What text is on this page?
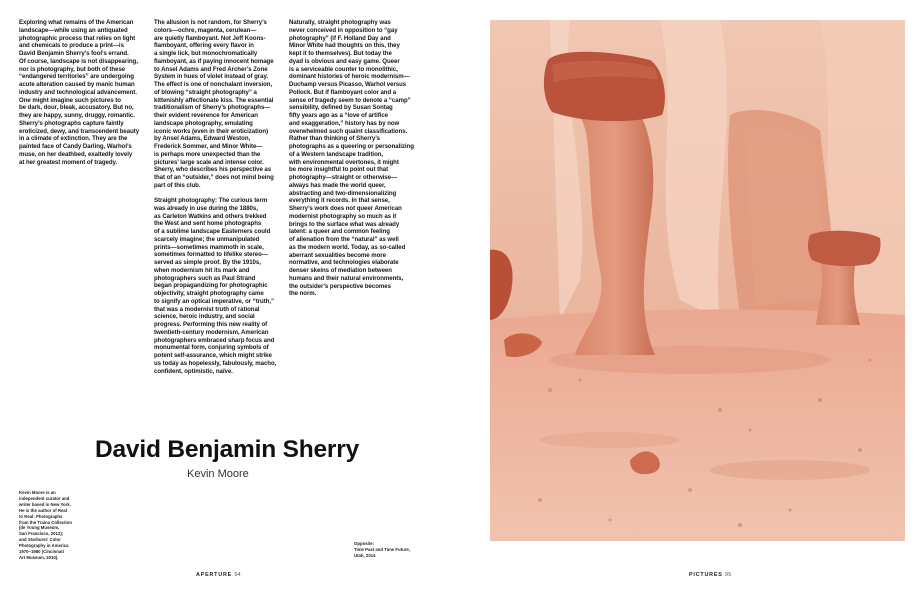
Exploring what remains of the American

landscape—while using an antiquated

photographic process that relies on light

and chemicals to produce a print—is

David Benjamin Sherry’s fool’s errand.

Of course, landscape is not disappearing,

nor is photography, but both of these

“endangered territories” are undergoing

acute alteration caused by manic human

industry and technological advancement.

One might imagine such pictures to

be dark, dour, bleak, accusatory. But no,

they are happy, sunny, druggy, romantic.

Sherry’s photographs capture faintly

eroticized, dewy, and transcendent beauty

in a climate of extinction. They are the

painted face of Candy Darling, Warhol’s

muse, on her deathbed, exaltedly lovely

at her greatest moment of tragedy.

The allusion is not random, for Sherry’s

colors—ochre, magenta, cerulean—

are quietly flamboyant. Not Jeff Koons-

flamboyant, offering every flavor in

a single lick, but monochromatically

flamboyant, as if paying innocent homage

to Ansel Adams and Fred Archer’s Zone

System in hues of violet instead of gray.

The effect is one of nonchalant inversion,

of blowing “straight photography” a

kittenishly affectionate kiss. The essential

traditionalism of Sherry’s photographs—

their evident reverence for American

landscape photography, emulating

iconic works (even in their eroticization)

by Ansel Adams, Edward Weston,

Frederick Sommer, and Minor White—

is perhaps more unexpected than the

pictures’ large scale and intense color.

Sherry, who describes his perspective as

that of an “outsider,” does not mind being

part of this club.

Straight photography: The curious term

was already in use during the 1880s,

as Carleton Watkins and others trekked

the West and sent home photographs

of a sublime landscape Easterners could

scarcely imagine; the unmanipulated

prints—sometimes mammoth in scale,

sometimes formatted to lifelike stereo—

served as simple proof. By the 1910s,

when modernism hit its mark and

photographers such as Paul Strand

began propagandizing for photographic

objectivity, straight photography came

to signify an optical imperative, or “truth,”

that was a modernist truth of rational

science, heroic industry, and social

progress. Performing this new reality of

twentieth-century modernism, American

photographers embraced sharp focus and

monumental form, conjuring symbols of

potent self-assurance, which might strike

us today as hopelessly, fabulously, macho,

confident, optimistic, naïve.

Naturally, straight photography was

never conceived in opposition to “gay

photography” (if F. Holland Day and

Minor White had thoughts on this, they

kept it to themselves). But today the

dyad is obvious and easy game. Queer

is a serviceable counter to monolithic,

dominant histories of heroic modernism—

Duchamp versus Picasso, Warhol versus

Pollock. But if flamboyant color and a

sense of tragedy seem to denote a “camp”

sensibility, defined by Susan Sontag

fifty years ago as a “love of artifice

and exaggeration,” history has by now

overwhelmed such quaint classifications.

Rather than thinking of Sherry’s

photographs as a queering or personalizing

of a Western landscape tradition,

with environmental overtones, it might

be more insightful to point out that

photography—straight or otherwise—

always has made the world queer,

abstracting and two-dimensionalizing

everything it records. In that sense,

Sherry’s work does not queer American

modernist photography so much as it

brings to the surface what was already

latent: a queer and common feeling

of alienation from the “natural” as well

as the modern world. Today, as so-called

aberrant sexualities become more

normative, and technologies elaborate

denser skeins of mediation between

humans and their natural environments,

the outsider’s perspective becomes

the norm.

David Benjamin Sherry
Kevin Moore

Kevin Moore is an

independent curator and

writer based in New York.

He is the author of Real

to Real: Photographs

from the Traina Collection

(de Young Museum,

San Francisco, 2012);

and Starburst: Color

Photography in America

1970–1980 (Cincinnati

Art Museum, 2010).

Opposite:

Time Past and Time Future,

Utah, 2014

APERTURE 94	PICTURES 95
